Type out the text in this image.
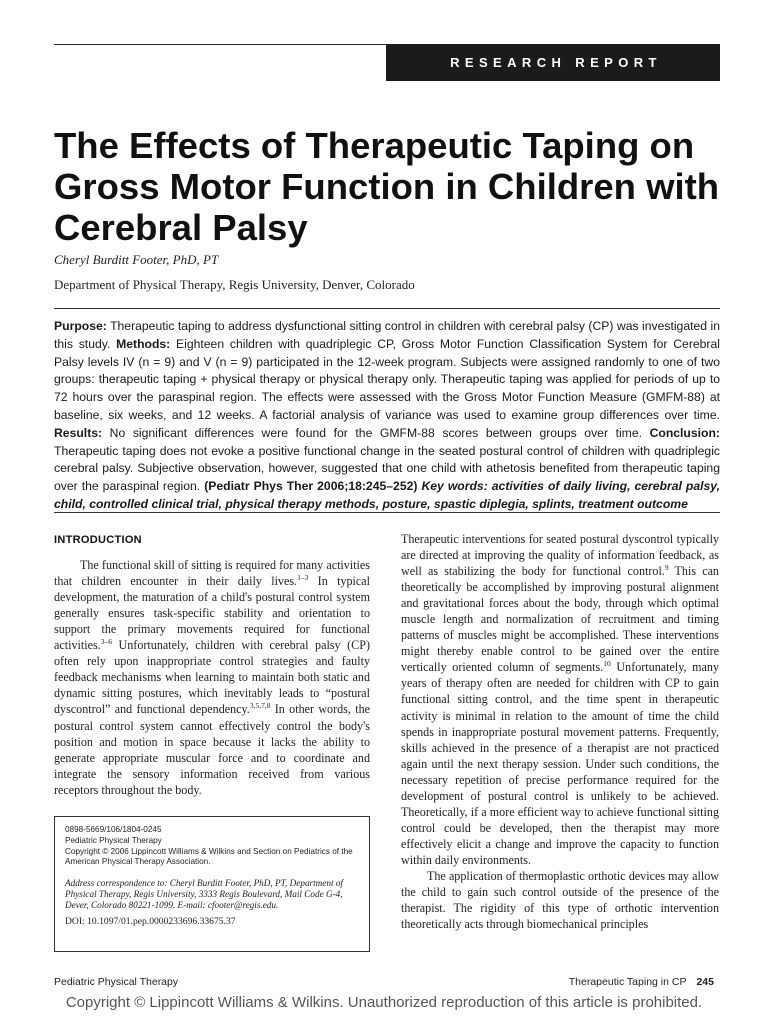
RESEARCH REPORT
The Effects of Therapeutic Taping on Gross Motor Function in Children with Cerebral Palsy
Cheryl Burditt Footer, PhD, PT
Department of Physical Therapy, Regis University, Denver, Colorado
Purpose: Therapeutic taping to address dysfunctional sitting control in children with cerebral palsy (CP) was investigated in this study. Methods: Eighteen children with quadriplegic CP, Gross Motor Function Classification System for Cerebral Palsy levels IV (n = 9) and V (n = 9) participated in the 12-week program. Subjects were assigned randomly to one of two groups: therapeutic taping + physical therapy or physical therapy only. Therapeutic taping was applied for periods of up to 72 hours over the paraspinal region. The effects were assessed with the Gross Motor Function Measure (GMFM-88) at baseline, six weeks, and 12 weeks. A factorial analysis of variance was used to examine group differences over time. Results: No significant differences were found for the GMFM-88 scores between groups over time. Conclusion: Therapeutic taping does not evoke a positive functional change in the seated postural control of children with quadriplegic cerebral palsy. Subjective observation, however, suggested that one child with athetosis benefited from therapeutic taping over the paraspinal region. (Pediatr Phys Ther 2006;18:245–252) Key words: activities of daily living, cerebral palsy, child, controlled clinical trial, physical therapy methods, posture, spastic diplegia, splints, treatment outcome
INTRODUCTION

The functional skill of sitting is required for many activities that children encounter in their daily lives.$^{1-3}$ In typical development, the maturation of a child's postural control system generally ensures task-specific stability and orientation to support the primary movements required for functional activities.$^{3-6}$ Unfortunately, children with cerebral palsy (CP) often rely upon inappropriate control strategies and faulty feedback mechanisms when learning to maintain both static and dynamic sitting postures, which inevitably leads to “postural dyscontrol” and functional dependency.$^{3,5,7,8}$ In other words, the postural control system cannot effectively control the body's position and motion in space because it lacks the ability to generate appropriate muscular force and to coordinate and integrate the sensory information received from various receptors throughout the body.

Therapeutic interventions for seated postural dyscontrol typically are directed at improving the quality of information feedback, as well as stabilizing the body for functional control.$^9$ This can theoretically be accomplished by improving postural alignment and gravitational forces about the body, through which optimal muscle length and normalization of recruitment and timing patterns of muscles might be accomplished. These interventions might thereby enable control to be gained over the entire vertically oriented column of segments.$^{10}$ Unfortunately, many years of therapy often are needed for children with CP to gain functional sitting control, and the time spent in therapeutic activity is minimal in relation to the amount of time the child spends in inappropriate postural movement patterns. Frequently, skills achieved in the presence of a therapist are not practiced again until the next therapy session. Under such conditions, the necessary repetition of precise performance required for the development of postural control is unlikely to be achieved. Theoretically, if a more efficient way to achieve functional sitting control could be developed, then the therapist may more effectively elicit a change and improve the capacity to function within daily environments.

The application of thermoplastic orthotic devices may allow the child to gain such control outside of the presence of the therapist. The rigidity of this type of orthotic intervention theoretically acts through biomechanical principles

0898-5669/106/1804-0245
Pediatric Physical Therapy
Copyright © 2006 Lippincott Williams & Wilkins and Section on Pediatrics of the American Physical Therapy Association.
Address correspondence to: Cheryl Burditt Footer, PhD, PT, Department of Physical Therapy, Regis University, 3333 Regis Boulevard, Mail Code G-4, Dever, Colorado 80221-1099. E-mail: cfooter@regis.edu.
DOI: 10.1097/01.pep.0000233696.33675.37
Pediatric Physical Therapy	Therapeutic Taping in CP 245
Copyright © Lippincott Williams & Wilkins. Unauthorized reproduction of this article is prohibited.
